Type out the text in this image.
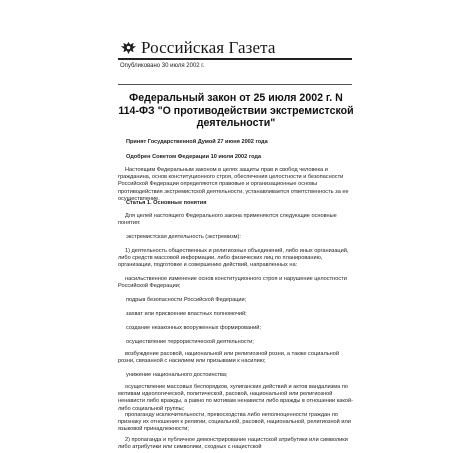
Российская Газета
Опубликовано 30 июля 2002 г.
Федеральный закон от 25 июля 2002 г. N 114-ФЗ "О противодействии экстремистской деятельности"
Принят Государственной Думой 27 июня 2002 года
Одобрен Советом Федерации 10 июля 2002 года
Настоящим Федеральным законом в целях защиты прав и свобод человека и гражданина, основ конституционного строя, обеспечения целостности и безопасности Российской Федерации определяются правовые и организационные основы противодействия экстремистской деятельности, устанавливается ответственность за ее осуществление.
Статья 1. Основные понятия
Для целей настоящего Федерального закона применяются следующие основные понятия:
экстремистская деятельность (экстремизм):
1) деятельность общественных и религиозных объединений, либо иных организаций, либо средств массовой информации, либо физических лиц по планированию, организации, подготовке и совершению действий, направленных на:
насильственное изменение основ конституционного строя и нарушение целостности Российской Федерации;
подрыв безопасности Российской Федерации;
захват или присвоение властных полномочий;
создание незаконных вооруженных формирований;
осуществление террористической деятельности;
возбуждение расовой, национальной или религиозной розни, а также социальной розни, связанной с насилием или призывами к насилию;
унижение национального достоинства;
осуществление массовых беспорядков, хулиганских действий и актов вандализма по мотивам идеологической, политической, расовой, национальной или религиозной ненависти либо вражды, а равно по мотивам ненависти либо вражды в отношении какой-либо социальной группы;
пропаганду исключительности, превосходства либо неполноценности граждан по признаку их отношения к религии, социальной, расовой, национальной, религиозной или языковой принадлежности;
2) пропаганда и публичное демонстрирование нацистской атрибутики или символики либо атрибутики или символики, сходных с нацистской
